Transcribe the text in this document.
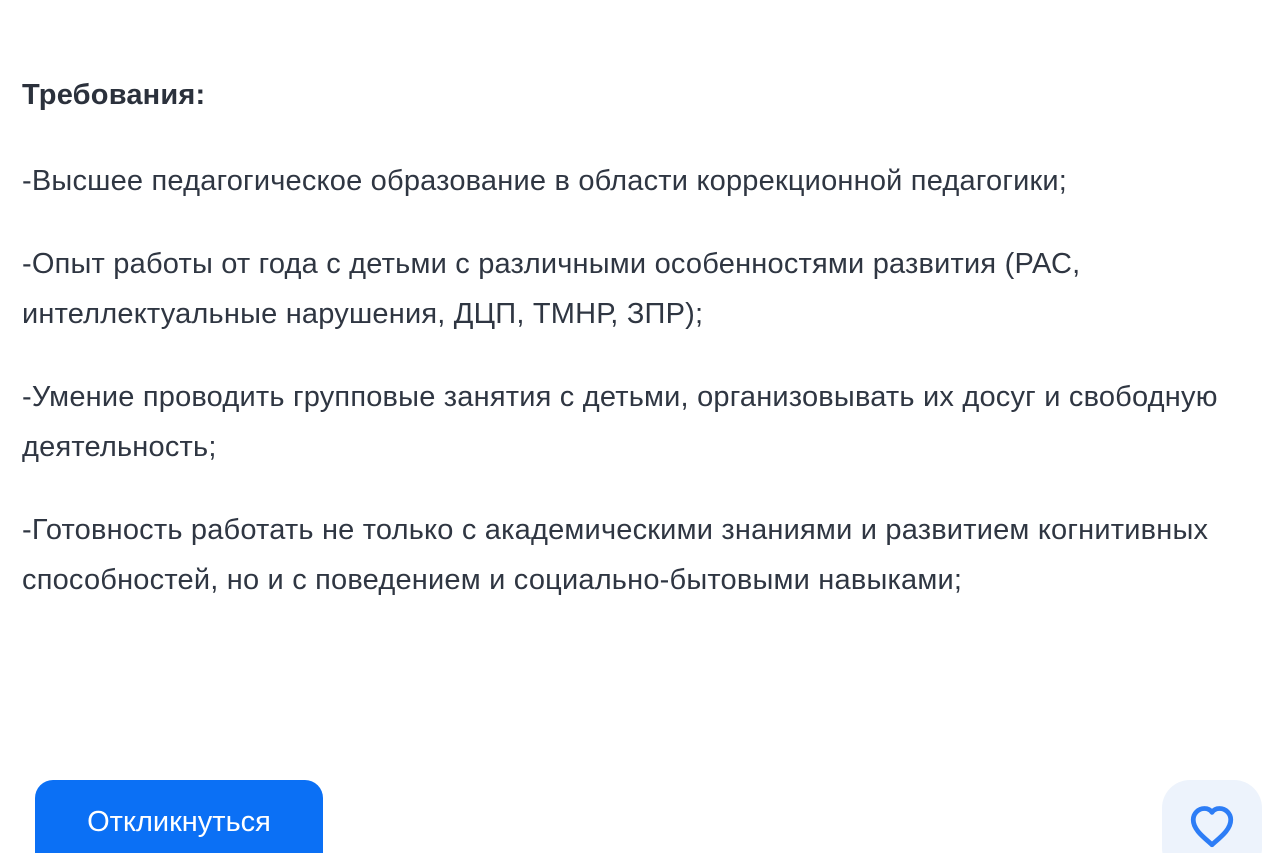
Требования:

-Высшее педагогическое образование в области коррекционной педагогики;

-Опыт работы от года с детьми с различными особенностями развития (РАС, интеллектуальные нарушения, ДЦП, ТМНР, ЗПР);

-Умение проводить групповые занятия с детьми, организовывать их досуг и свободную деятельность;

-Готовность работать не только с академическими знаниями и развитием когнитивных способностей, но и с поведением и социально-бытовыми навыками;

Откликнуться
